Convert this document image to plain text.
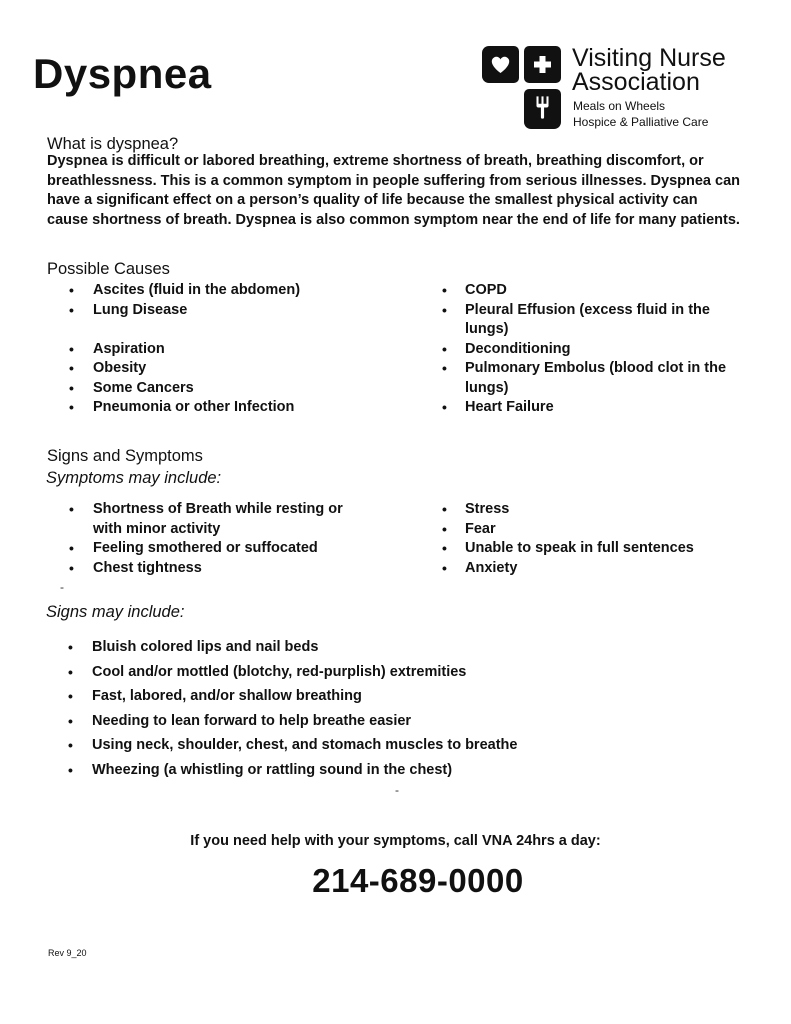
Dyspnea	Visiting Nurse
Association
Meals on Wheels
Hospice & Palliative Care
What is dyspnea?
Dyspnea is difficult or labored breathing, extreme shortness of breath, breathing discomfort, or
breathlessness. This is a common symptom in people suffering from serious illnesses. Dyspnea can
have a significant effect on a person’s quality of life because the smallest physical activity can
cause shortness of breath. Dyspnea is also common symptom near the end of life for many patients.
Possible Causes
• Ascites (fluid in the abdomen)
• Lung Disease
• Aspiration
• Obesity
• Some Cancers
• Pneumonia or other Infection
• COPD
• Pleural Effusion (excess fluid in the lungs)
• Deconditioning
• Pulmonary Embolus (blood clot in the lungs)
• Heart Failure
Signs and Symptoms
Symptoms may include:
• Shortness of Breath while resting or with minor activity
• Feeling smothered or suffocated
• Chest tightness
-
• Stress
• Fear
• Unable to speak in full sentences
• Anxiety
Signs may include:
• Bluish colored lips and nail beds
• Cool and/or mottled (blotchy, red-purplish) extremities
• Fast, labored, and/or shallow breathing
• Needing to lean forward to help breathe easier
• Using neck, shoulder, chest, and stomach muscles to breathe
• Wheezing (a whistling or rattling sound in the chest)
-
If you need help with your symptoms, call VNA 24hrs a day:
214-689-0000
Rev 9_20
